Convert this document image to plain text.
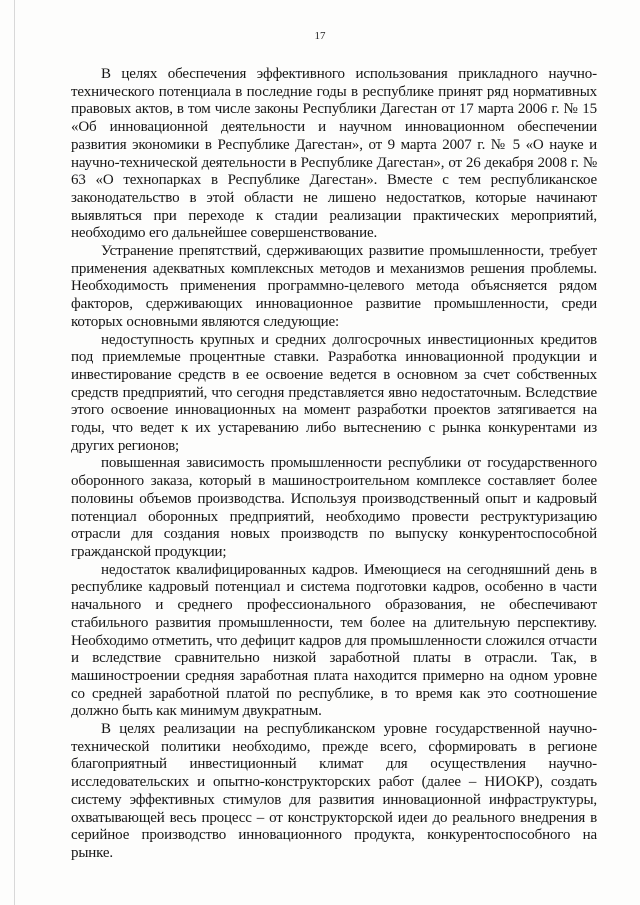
17

В целях обеспечения эффективного использования прикладного научно-технического потенциала в последние годы в республике принят ряд нормативных правовых актов, в том числе законы Республики Дагестан от 17 марта 2006 г. № 15 «Об инновационной деятельности и научном инновационном обеспечении развития экономики в Республике Дагестан», от 9 марта 2007 г. № 5 «О науке и научно-технической деятельности в Республике Дагестан», от 26 декабря 2008 г. № 63 «О технопарках в Республике Дагестан». Вместе с тем республиканское законодательство в этой области не лишено недостатков, которые начинают выявляться при переходе к стадии реализации практических мероприятий, необходимо его дальнейшее совершенствование.

Устранение препятствий, сдерживающих развитие промышленности, требует применения адекватных комплексных методов и механизмов решения проблемы. Необходимость применения программно-целевого метода объясняется рядом факторов, сдерживающих инновационное развитие промышленности, среди которых основными являются следующие:

недоступность крупных и средних долгосрочных инвестиционных кредитов под приемлемые процентные ставки. Разработка инновационной продукции и инвестирование средств в ее освоение ведется в основном за счет собственных средств предприятий, что сегодня представляется явно недостаточным. Вследствие этого освоение инновационных на момент разработки проектов затягивается на годы, что ведет к их устареванию либо вытеснению с рынка конкурентами из других регионов;

повышенная зависимость промышленности республики от государственного оборонного заказа, который в машиностроительном комплексе составляет более половины объемов производства. Используя производственный опыт и кадровый потенциал оборонных предприятий, необходимо провести реструктуризацию отрасли для создания новых производств по выпуску конкурентоспособной гражданской продукции;

недостаток квалифицированных кадров. Имеющиеся на сегодняшний день в республике кадровый потенциал и система подготовки кадров, особенно в части начального и среднего профессионального образования, не обеспечивают стабильного развития промышленности, тем более на длительную перспективу. Необходимо отметить, что дефицит кадров для промышленности сложился отчасти и вследствие сравнительно низкой заработной платы в отрасли. Так, в машиностроении средняя заработная плата находится примерно на одном уровне со средней заработной платой по республике, в то время как это соотношение должно быть как минимум двукратным.

В целях реализации на республиканском уровне государственной научно-технической политики необходимо, прежде всего, сформировать в регионе благоприятный инвестиционный климат для осуществления научно-исследовательских и опытно-конструкторских работ (далее – НИОКР), создать систему эффективных стимулов для развития инновационной инфраструктуры, охватывающей весь процесс – от конструкторской идеи до реального внедрения в серийное производство инновационного продукта, конкурентоспособного на рынке.
